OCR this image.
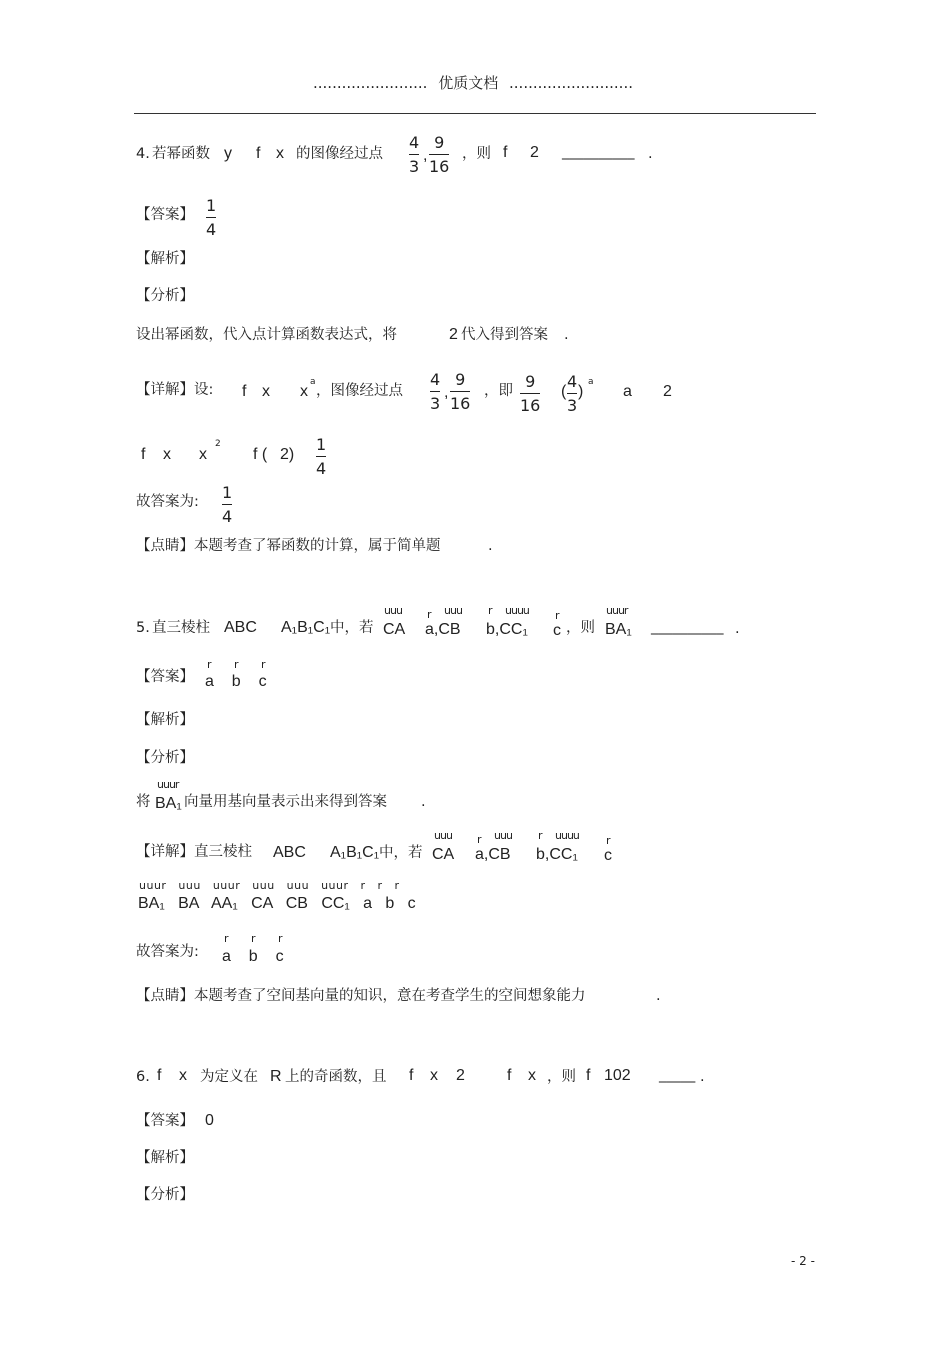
........................ 优质文档 ..........................
4. 若幂函数 y f x 的图像经过点
4
3
,
9
16
，则 f 2 __________ .
【答案】 1
4
【解析】
【分析】
设出幂函数，代入点计算函数表达式，将	2 代入得到答案 .
【详解】设: f x x
a
，图像经过点
4
3
,
9
16
，即 9
16
(
4
3
)
a
a 2
f x x
2
f ( 2)
1
4
故答案为: 1
4
【点睛】 本题考查了幂函数的计算，属于简单题	.
5. 直三棱柱 ABC A₁B₁C₁ 中，若
uuu
CA
r uuu
a,CB
r uuuu
b,CC₁
r
c ，则
uuur
BA₁ __________ .
【答案】
r   r   r
a  b  c
【解析】
【分析】
uuur
将 BA₁ 向量用基向量表示出来得到答案 .
【详解】直三棱柱 ABC A₁B₁C₁ 中，若
uuu
CA
r uuu
a,CB
r uuuu
b,CC₁
r
c
uuur   uuu   uuur   uuu   uuu   uuur   r   r   r
BA₁   BA   AA₁   CA   CB   CC₁   a   b   c
故答案为:
r   r   r
a  b  c
【点睛】 本题考查了空间基向量的知识，意在考查学生的空间想象能力	.
6. f x 为定义在 R 上的奇函数，且 f x 2	f x ，则 f 102 _____ .
【答案】 0
【解析】
【分析】
- 2 -
